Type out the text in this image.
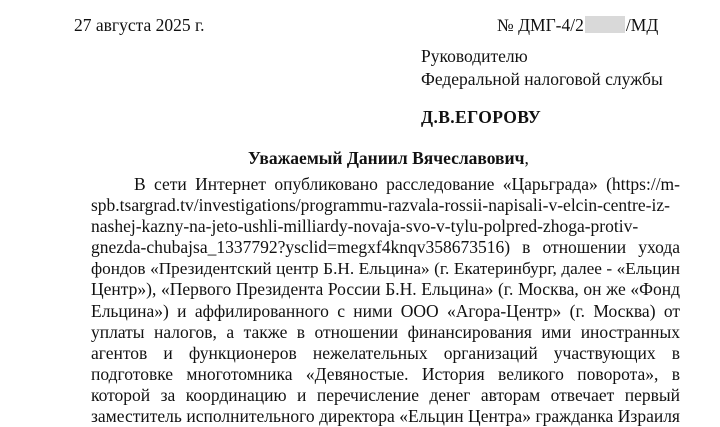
27 августа 2025 г.	№ ДМГ-4/2 /МД
Руководителю
Федеральной налоговой службы
Д.В.ЕГОРОВУ
Уважаемый Даниил Вячеславович,
В сети Интернет опубликовано расследование «Царьграда» (https://m-
spb.tsargrad.tv/investigations/programmu-razvala-rossii-napisali-v-elcin-centre-iz-
nashej-kazny-na-jeto-ushli-milliardy-novaja-svo-v-tylu-polpred-zhoga-protiv-
gnezda-chubajsa_1337792?ysclid=megxf4knqv358673516) в отношении ухода
фондов «Президентский центр Б.Н. Ельцина» (г. Екатеринбург, далее - «Ельцин
Центр»), «Первого Президента России Б.Н. Ельцина» (г. Москва, он же «Фонд
Ельцина») и аффилированного с ними ООО «Агора-Центр» (г. Москва) от
уплаты налогов, а также в отношении финансирования ими иностранных
агентов и функционеров нежелательных организаций участвующих в
подготовке многотомника «Девяностые. История великого поворота», в
которой за координацию и перечисление денег авторам отвечает первый
заместитель исполнительного директора «Ельцин Центра» гражданка Израиля
